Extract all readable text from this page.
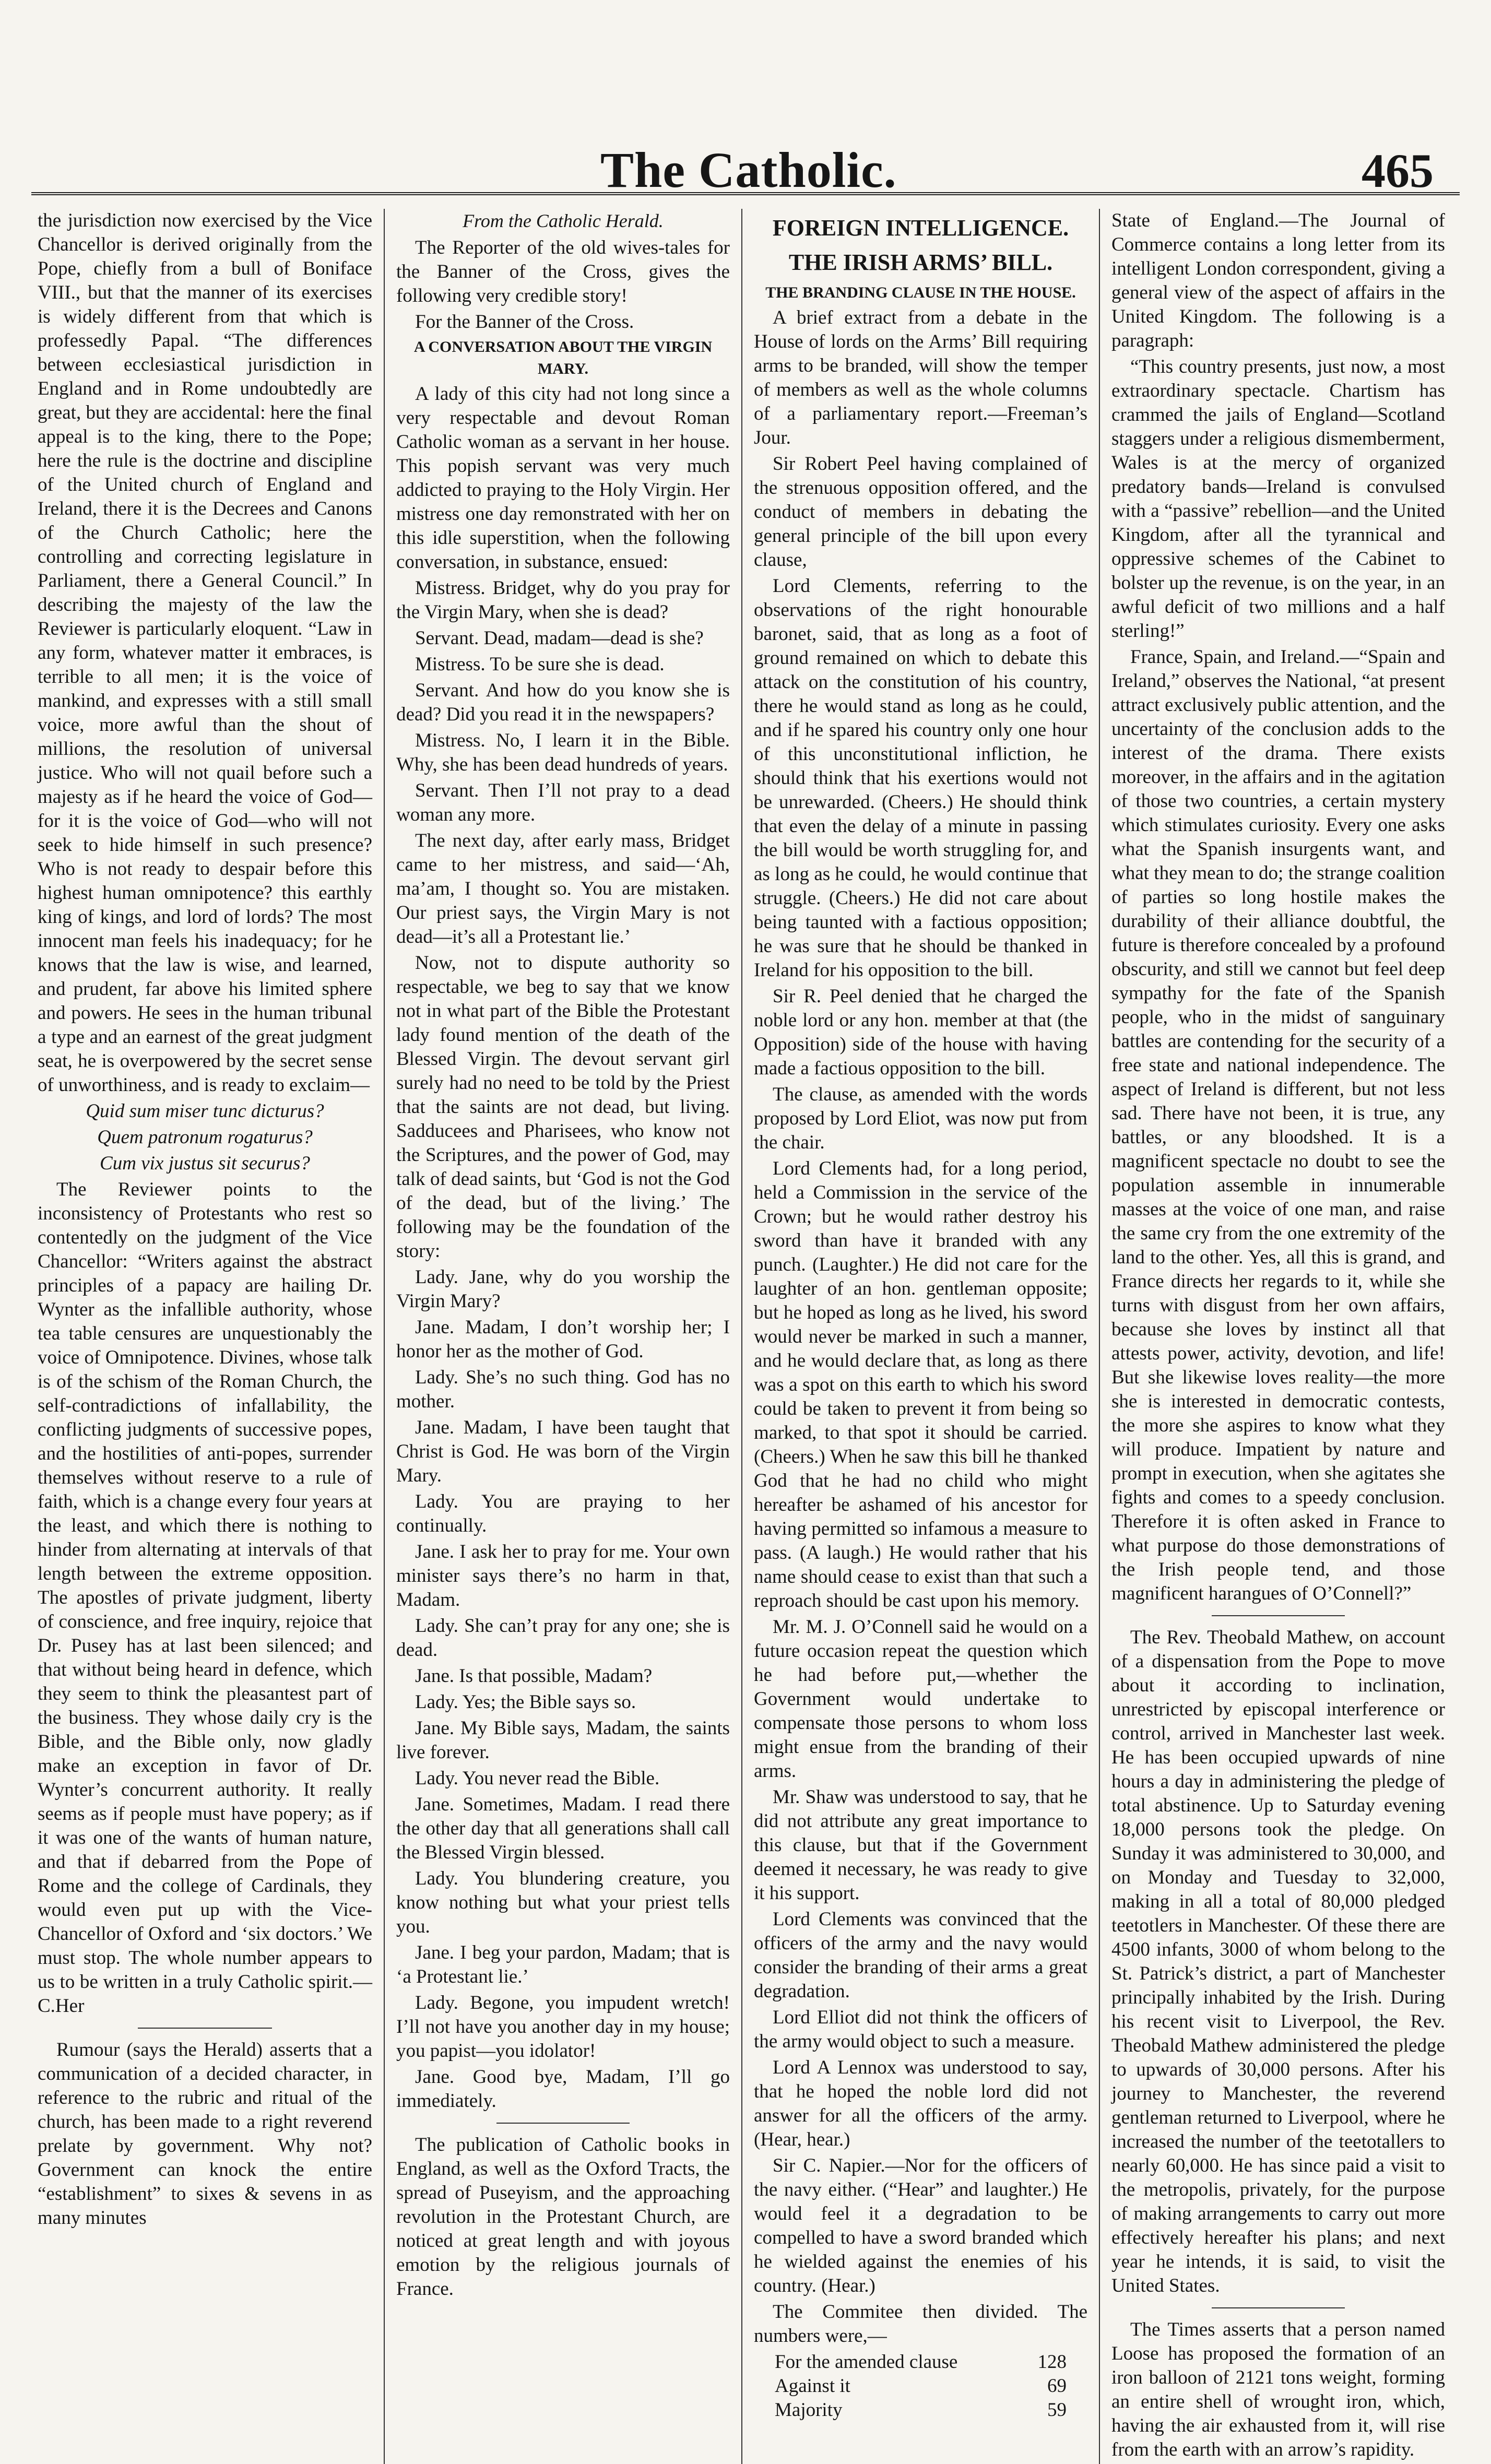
The Catholic.	465

the jurisdiction now exercised by the Vice Chancellor is derived originally from the Pope, chiefly from a bull of Boniface VIII., but that the manner of its exercises is widely different from that which is professedly Papal. “The differences between ecclesiastical jurisdiction in England and in Rome undoubtedly are great, but they are accidental: here the final appeal is to the king, there to the Pope; here the rule is the doctrine and discipline of the United church of England and Ireland, there it is the Decrees and Canons of the Church Catholic; here the controlling and correcting legislature in Parliament, there a General Council.” In describing the majesty of the law the Reviewer is particularly eloquent. “Law in any form, whatever matter it embraces, is terrible to all men; it is the voice of mankind, and expresses with a still small voice, more awful than the shout of millions, the resolution of universal justice. Who will not quail before such a majesty as if he heard the voice of God—for it is the voice of God—who will not seek to hide himself in such presence? Who is not ready to despair before this highest human omnipotence? this earthly king of kings, and lord of lords? The most innocent man feels his inadequacy; for he knows that the law is wise, and learned, and prudent, far above his limited sphere and powers. He sees in the human tribunal a type and an earnest of the great judgment seat, he is overpowered by the secret sense of unworthiness, and is ready to exclaim—

Quid sum miser tunc dicturus?

Quem patronum rogaturus?

Cum vix justus sit securus?

The Reviewer points to the inconsistency of Protestants who rest so contentedly on the judgment of the Vice Chancellor: “Writers against the abstract principles of a papacy are hailing Dr. Wynter as the infallible authority, whose tea table censures are unquestionably the voice of Omnipotence. Divines, whose talk is of the schism of the Roman Church, the self-contradictions of infallability, the conflicting judgments of successive popes, and the hostilities of anti-popes, surrender themselves without reserve to a rule of faith, which is a change every four years at the least, and which there is nothing to hinder from alternating at intervals of that length between the extreme opposition. The apostles of private judgment, liberty of conscience, and free inquiry, rejoice that Dr. Pusey has at last been silenced; and that without being heard in defence, which they seem to think the pleasantest part of the business. They whose daily cry is the Bible, and the Bible only, now gladly make an exception in favor of Dr. Wynter’s concurrent authority. It really seems as if people must have popery; as if it was one of the wants of human nature, and that if debarred from the Pope of Rome and the college of Cardinals, they would even put up with the Vice-Chancellor of Oxford and ‘six doctors.’ We must stop. The whole number appears to us to be written in a truly Catholic spirit.—C.Her

Rumour (says the Herald) asserts that a communication of a decided character, in reference to the rubric and ritual of the church, has been made to a right reverend prelate by government. Why not? Government can knock the entire “establishment” to sixes & sevens in as many minutes

From the Catholic Herald.

The Reporter of the old wives-tales for the Banner of the Cross, gives the following very credible story!

For the Banner of the Cross.

A CONVERSATION ABOUT THE VIRGIN MARY.

A lady of this city had not long since a very respectable and devout Roman Catholic woman as a servant in her house. This popish servant was very much addicted to praying to the Holy Virgin. Her mistress one day remonstrated with her on this idle superstition, when the following conversation, in substance, ensued:

Mistress. Bridget, why do you pray for the Virgin Mary, when she is dead?

Servant. Dead, madam—dead is she?

Mistress. To be sure she is dead.

Servant. And how do you know she is dead? Did you read it in the newspapers?

Mistress. No, I learn it in the Bible. Why, she has been dead hundreds of years.

Servant. Then I’ll not pray to a dead woman any more.

The next day, after early mass, Bridget came to her mistress, and said—‘Ah, ma’am, I thought so. You are mistaken. Our priest says, the Virgin Mary is not dead—it’s all a Protestant lie.’

Now, not to dispute authority so respectable, we beg to say that we know not in what part of the Bible the Protestant lady found mention of the death of the Blessed Virgin. The devout servant girl surely had no need to be told by the Priest that the saints are not dead, but living. Sadducees and Pharisees, who know not the Scriptures, and the power of God, may talk of dead saints, but ‘God is not the God of the dead, but of the living.’ The following may be the foundation of the story:

Lady. Jane, why do you worship the Virgin Mary?

Jane. Madam, I don’t worship her; I honor her as the mother of God.

Lady. She’s no such thing. God has no mother.

Jane. Madam, I have been taught that Christ is God. He was born of the Virgin Mary.

Lady. You are praying to her continually.

Jane. I ask her to pray for me. Your own minister says there’s no harm in that, Madam.

Lady. She can’t pray for any one; she is dead.

Jane. Is that possible, Madam?

Lady. Yes; the Bible says so.

Jane. My Bible says, Madam, the saints live forever.

Lady. You never read the Bible.

Jane. Sometimes, Madam. I read there the other day that all generations shall call the Blessed Virgin blessed.

Lady. You blundering creature, you know nothing but what your priest tells you.

Jane. I beg your pardon, Madam; that is ‘a Protestant lie.’

Lady. Begone, you impudent wretch! I’ll not have you another day in my house; you papist—you idolator!

Jane. Good bye, Madam, I’ll go immediately.

The publication of Catholic books in England, as well as the Oxford Tracts, the spread of Puseyism, and the approaching revolution in the Protestant Church, are noticed at great length and with joyous emotion by the religious journals of France.

FOREIGN INTELLIGENCE.

THE IRISH ARMS’ BILL.

THE BRANDING CLAUSE IN THE HOUSE.

A brief extract from a debate in the House of lords on the Arms’ Bill requiring arms to be branded, will show the temper of members as well as the whole columns of a parliamentary report.—Freeman’s Jour.

Sir Robert Peel having complained of the strenuous opposition offered, and the conduct of members in debating the general principle of the bill upon every clause,

Lord Clements, referring to the observations of the right honourable baronet, said, that as long as a foot of ground remained on which to debate this attack on the constitution of his country, there he would stand as long as he could, and if he spared his country only one hour of this unconstitutional infliction, he should think that his exertions would not be unrewarded. (Cheers.) He should think that even the delay of a minute in passing the bill would be worth struggling for, and as long as he could, he would continue that struggle. (Cheers.) He did not care about being taunted with a factious opposition; he was sure that he should be thanked in Ireland for his opposition to the bill.

Sir R. Peel denied that he charged the noble lord or any hon. member at that (the Opposition) side of the house with having made a factious opposition to the bill.

The clause, as amended with the words proposed by Lord Eliot, was now put from the chair.

Lord Clements had, for a long period, held a Commission in the service of the Crown; but he would rather destroy his sword than have it branded with any punch. (Laughter.) He did not care for the laughter of an hon. gentleman opposite; but he hoped as long as he lived, his sword would never be marked in such a manner, and he would declare that, as long as there was a spot on this earth to which his sword could be taken to prevent it from being so marked, to that spot it should be carried. (Cheers.) When he saw this bill he thanked God that he had no child who might hereafter be ashamed of his ancestor for having permitted so infamous a measure to pass. (A laugh.) He would rather that his name should cease to exist than that such a reproach should be cast upon his memory.

Mr. M. J. O’Connell said he would on a future occasion repeat the question which he had before put,—whether the Government would undertake to compensate those persons to whom loss might ensue from the branding of their arms.

Mr. Shaw was understood to say, that he did not attribute any great importance to this clause, but that if the Government deemed it necessary, he was ready to give it his support.

Lord Clements was convinced that the officers of the army and the navy would consider the branding of their arms a great degradation.

Lord Elliot did not think the officers of the army would object to such a measure.

Lord A Lennox was understood to say, that he hoped the noble lord did not answer for all the officers of the army. (Hear, hear.)

Sir C. Napier.—Nor for the officers of the navy either. (“Hear” and laughter.) He would feel it a degradation to be compelled to have a sword branded which he wielded against the enemies of his country. (Hear.)

The Commitee then divided. The numbers were,—

For the amended clause	128
Against it	69
Majority	59

State of England.—The Journal of Commerce contains a long letter from its intelligent London correspondent, giving a general view of the aspect of affairs in the United Kingdom. The following is a paragraph:

“This country presents, just now, a most extraordinary spectacle. Chartism has crammed the jails of England—Scotland staggers under a religious dismemberment, Wales is at the mercy of organized predatory bands—Ireland is convulsed with a “passive” rebellion—and the United Kingdom, after all the tyrannical and oppressive schemes of the Cabinet to bolster up the revenue, is on the year, in an awful deficit of two millions and a half sterling!”

France, Spain, and Ireland.—“Spain and Ireland,” observes the National, “at present attract exclusively public attention, and the uncertainty of the conclusion adds to the interest of the drama. There exists moreover, in the affairs and in the agitation of those two countries, a certain mystery which stimulates curiosity. Every one asks what the Spanish insurgents want, and what they mean to do; the strange coalition of parties so long hostile makes the durability of their alliance doubtful, the future is therefore concealed by a profound obscurity, and still we cannot but feel deep sympathy for the fate of the Spanish people, who in the midst of sanguinary battles are contending for the security of a free state and national independence. The aspect of Ireland is different, but not less sad. There have not been, it is true, any battles, or any bloodshed. It is a magnificent spectacle no doubt to see the population assemble in innumerable masses at the voice of one man, and raise the same cry from the one extremity of the land to the other. Yes, all this is grand, and France directs her regards to it, while she turns with disgust from her own affairs, because she loves by instinct all that attests power, activity, devotion, and life! But she likewise loves reality—the more she is interested in democratic contests, the more she aspires to know what they will produce. Impatient by nature and prompt in execution, when she agitates she fights and comes to a speedy conclusion. Therefore it is often asked in France to what purpose do those demonstrations of the Irish people tend, and those magnificent harangues of O’Connell?”

The Rev. Theobald Mathew, on account of a dispensation from the Pope to move about it according to inclination, unrestricted by episcopal interference or control, arrived in Manchester last week. He has been occupied upwards of nine hours a day in administering the pledge of total abstinence. Up to Saturday evening 18,000 persons took the pledge. On Sunday it was administered to 30,000, and on Monday and Tuesday to 32,000, making in all a total of 80,000 pledged teetotlers in Manchester. Of these there are 4500 infants, 3000 of whom belong to the St. Patrick’s district, a part of Manchester principally inhabited by the Irish. During his recent visit to Liverpool, the Rev. Theobald Mathew administered the pledge to upwards of 30,000 persons. After his journey to Manchester, the reverend gentleman returned to Liverpool, where he increased the number of the teetotallers to nearly 60,000. He has since paid a visit to the metropolis, privately, for the purpose of making arrangements to carry out more effectively hereafter his plans; and next year he intends, it is said, to visit the United States.

The Times asserts that a person named Loose has proposed the formation of an iron balloon of 2121 tons weight, forming an entire shell of wrought iron, which, having the air exhausted from it, will rise from the earth with an arrow’s rapidity.
